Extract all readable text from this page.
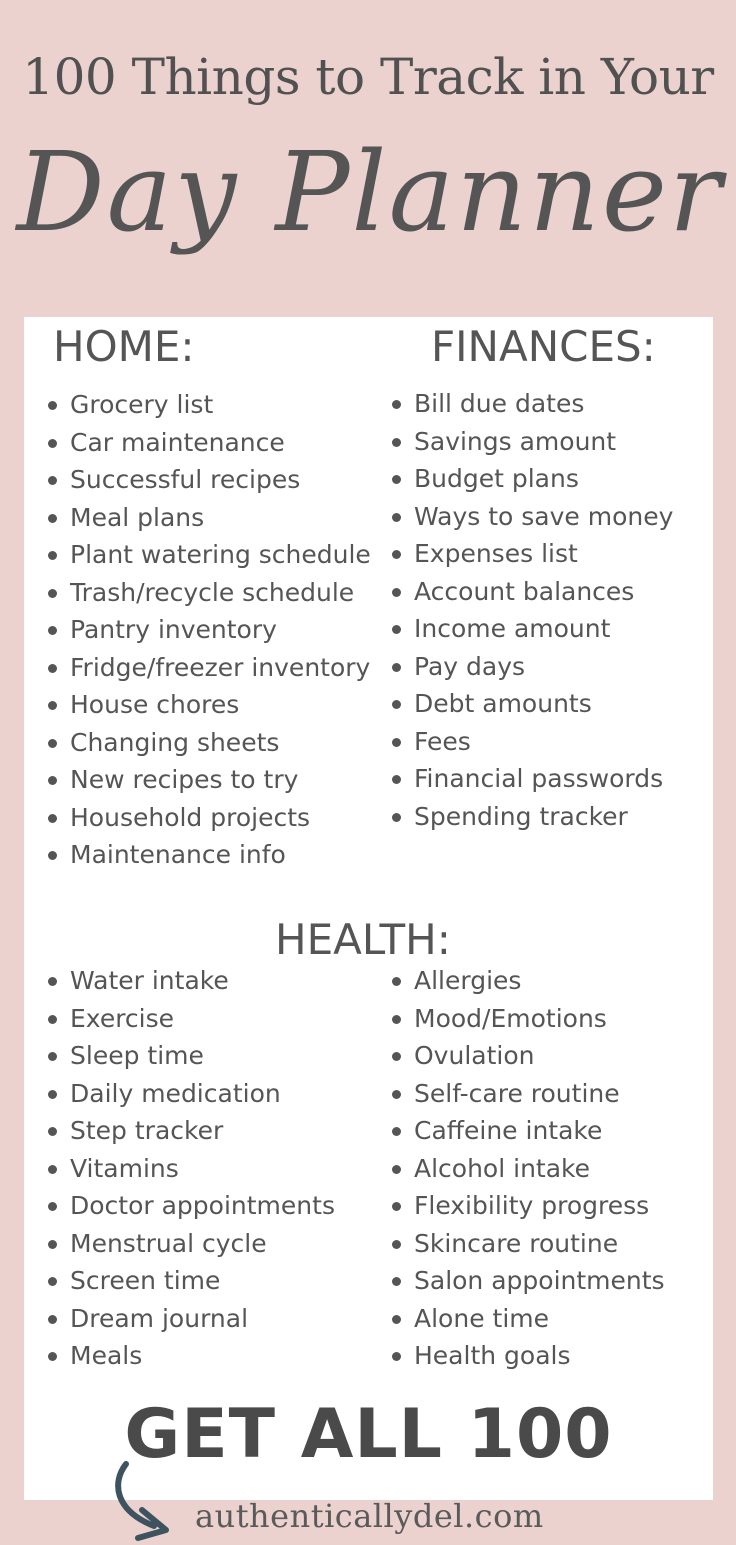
100 Things to Track in Your
Day Planner
HOME:	FINANCES:
Grocery list
Car maintenance
Successful recipes
Meal plans
Plant watering schedule
Trash/recycle schedule
Pantry inventory
Fridge/freezer inventory
House chores
Changing sheets
New recipes to try
Household projects
Maintenance info
Bill due dates
Savings amount
Budget plans
Ways to save money
Expenses list
Account balances
Income amount
Pay days
Debt amounts
Fees
Financial passwords
Spending tracker
HEALTH:
Water intake
Exercise
Sleep time
Daily medication
Step tracker
Vitamins
Doctor appointments
Menstrual cycle
Screen time
Dream journal
Meals
Allergies
Mood/Emotions
Ovulation
Self-care routine
Caffeine intake
Alcohol intake
Flexibility progress
Skincare routine
Salon appointments
Alone time
Health goals
GET ALL 100
authenticallydel.com
